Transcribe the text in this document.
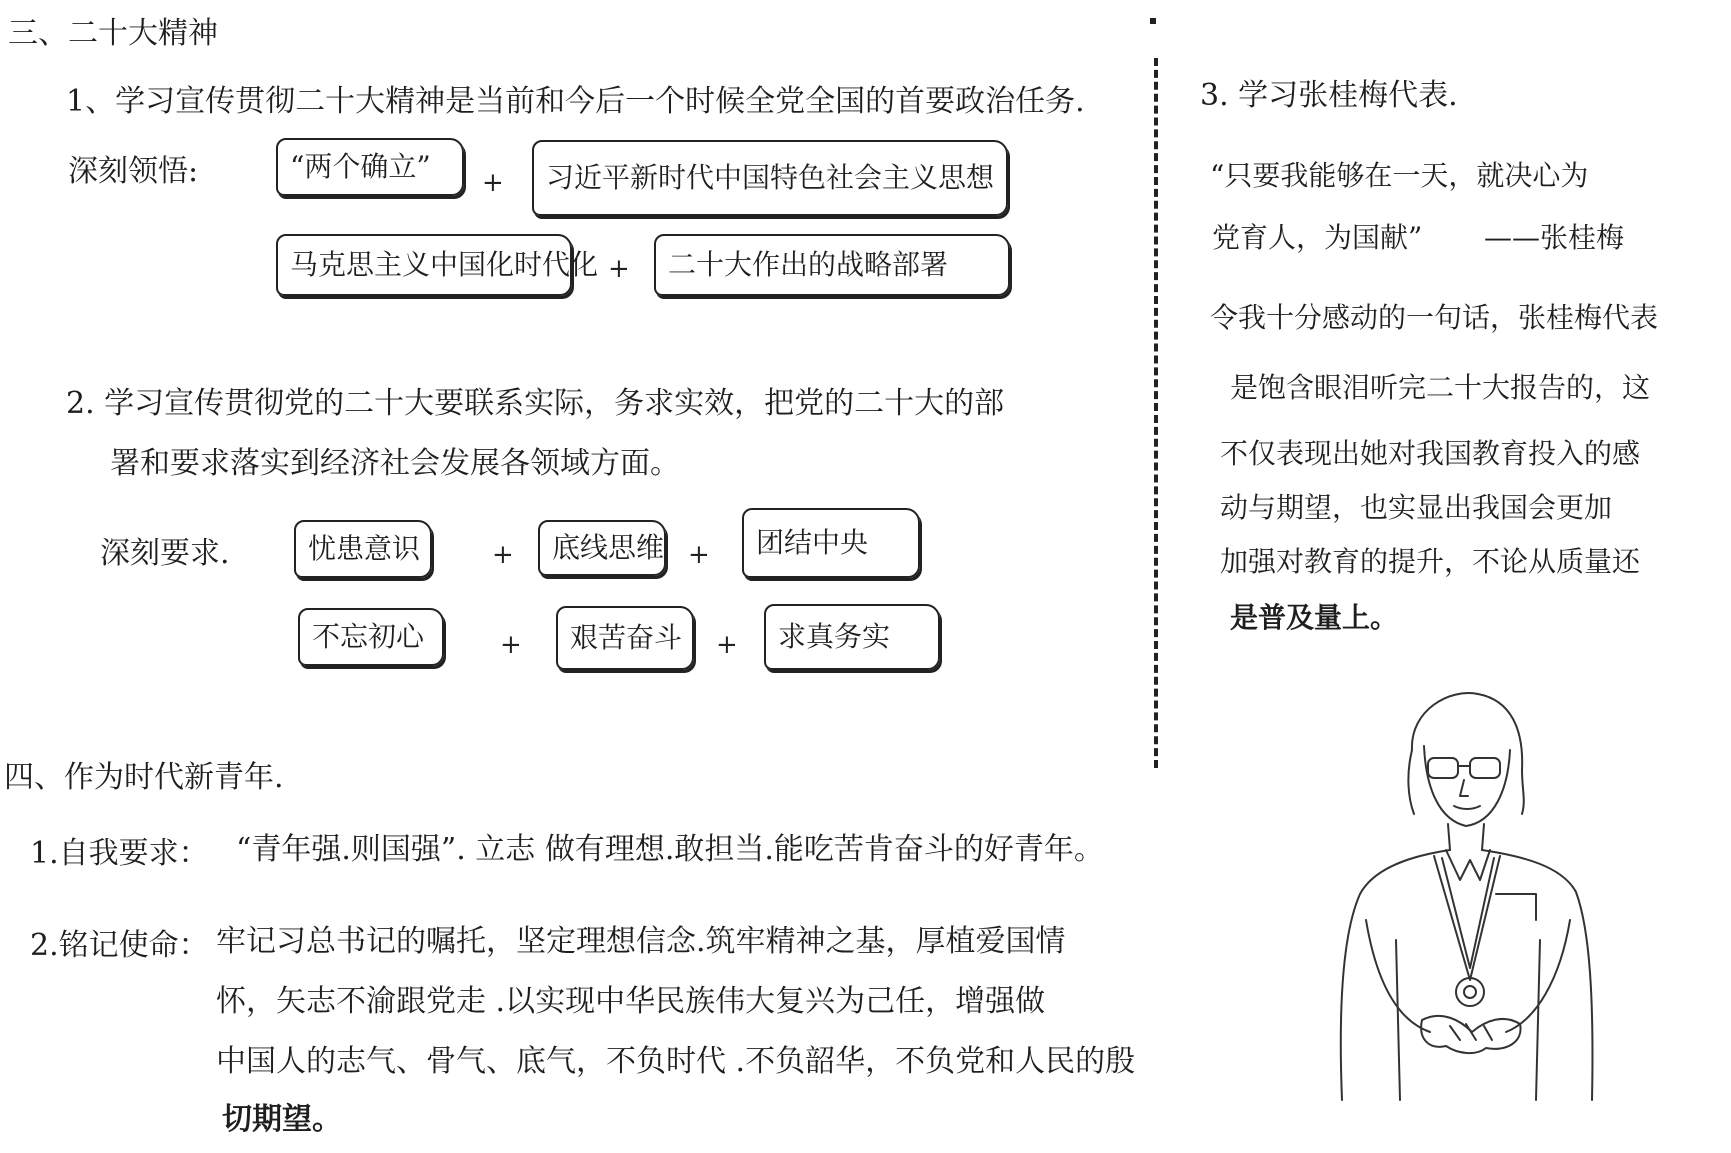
三、二十大精神
1、学习宣传贯彻二十大精神是当前和今后一个时候全党全国的首要政治任务.
深刻领悟:	“两个确立”	+	习近平新时代中国特色社会主义思想
马克思主义中国化时代化 +	二十大作出的战略部署
2. 学习宣传贯彻党的二十大要联系实际，务求实效，把党的二十大的部
署和要求落实到经济社会发展各领域方面。
深刻要求.	忧患意识	+	底线思维 +	团结中央
不忘初心	+	艰苦奋斗	+	求真务实
四、作为时代新青年.
1.自我要求： “青年强.则国强”. 立志 做有理想.敢担当.能吃苦肯奋斗的好青年。
2.铭记使命： 牢记习总书记的嘱托，坚定理想信念.筑牢精神之基，厚植爱国情
怀，矢志不渝跟党走 .以实现中华民族伟大复兴为己任，增强做
中国人的志气、骨气、底气，不负时代 .不负韶华，不负党和人民的殷
切期望。
3. 学习张桂梅代表.
“只要我能够在一天，就决心为
党育人，为国献” ——张桂梅
令我十分感动的一句话，张桂梅代表
是饱含眼泪听完二十大报告的，这
不仅表现出她对我国教育投入的感
动与期望，也实显出我国会更加
加强对教育的提升，不论从质量还
是普及量上。
